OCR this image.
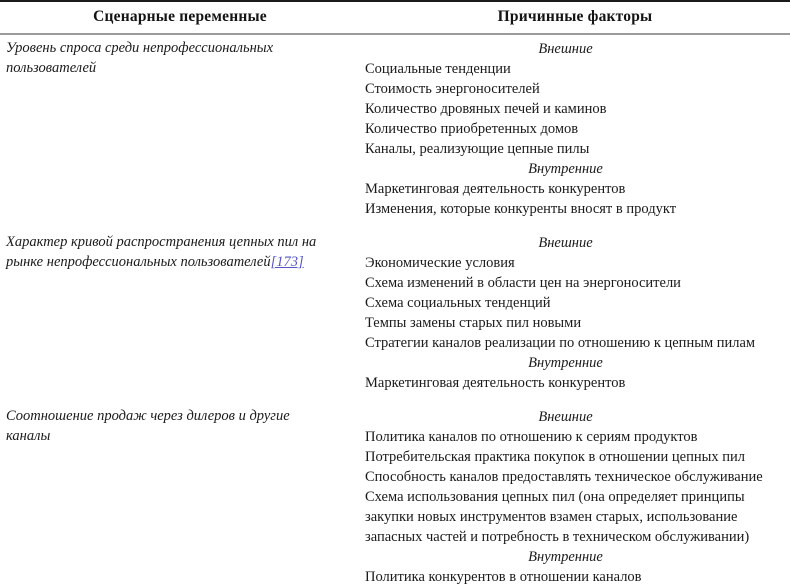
Сценарные переменные	Причинные факторы
Уровень спроса среди непрофессиональных
пользователей
Внешние
Социальные тенденции
Стоимость энергоносителей
Количество дровяных печей и каминов
Количество приобретенных домов
Каналы, реализующие цепные пилы
Внутренние
Маркетинговая деятельность конкурентов
Изменения, которые конкуренты вносят в продукт
Характер кривой распространения цепных пил на
рынке непрофессиональных пользователей[173]
Внешние
Экономические условия
Схема изменений в области цен на энергоносители
Схема социальных тенденций
Темпы замены старых пил новыми
Стратегии каналов реализации по отношению к цепным пилам
Внутренние
Маркетинговая деятельность конкурентов
Соотношение продаж через дилеров и другие
каналы
Внешние
Политика каналов по отношению к сериям продуктов
Потребительская практика покупок в отношении цепных пил
Способность каналов предоставлять техническое обслуживание
Схема использования цепных пил (она определяет принципы закупки новых инструментов взамен старых, использование запасных частей и потребность в техническом обслуживании)
Внутренние
Политика конкурентов в отношении каналов
